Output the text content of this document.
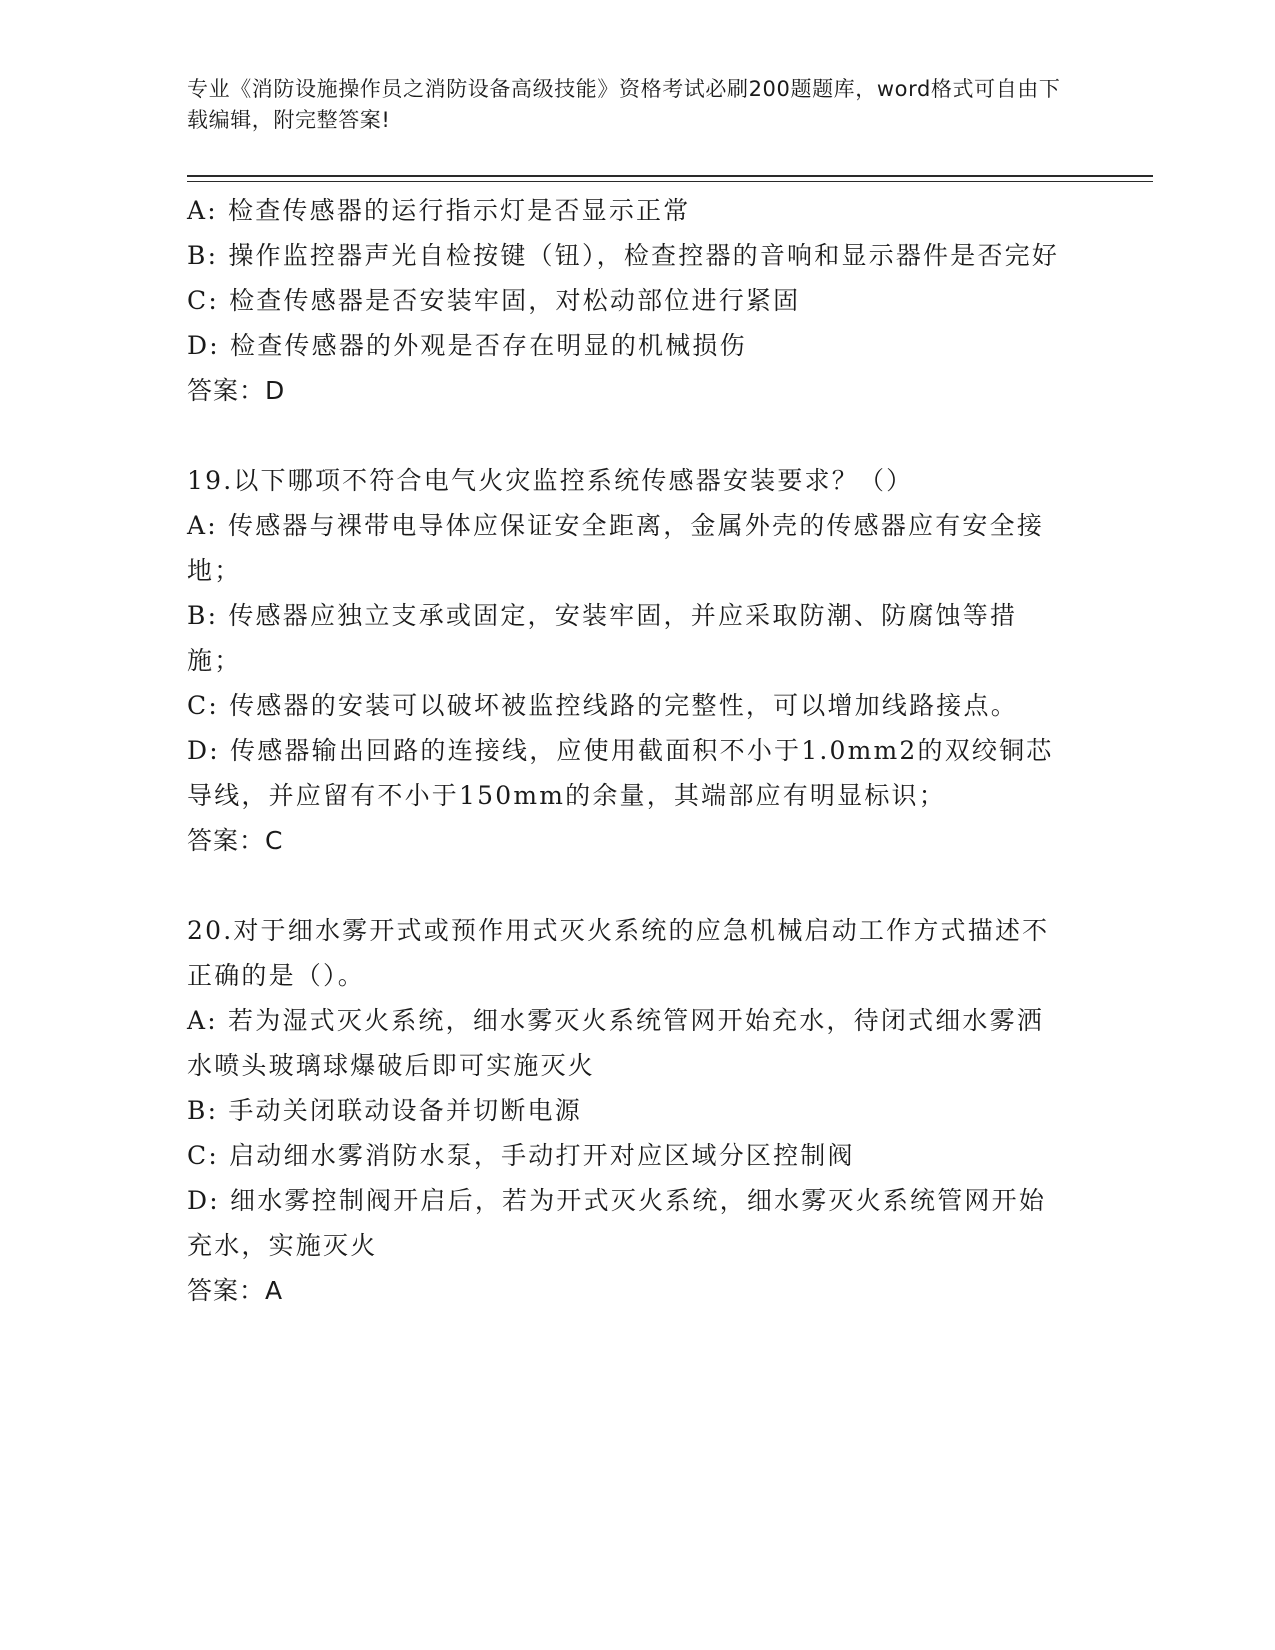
专业《消防设施操作员之消防设备高级技能》资格考试必刷200题题库，word格式可自由下载编辑，附完整答案!
A: 检查传感器的运行指示灯是否显示正常
B: 操作监控器声光自检按键（钮），检查控器的音响和显示器件是否完好
C: 检查传感器是否安装牢固，对松动部位进行紧固
D: 检查传感器的外观是否存在明显的机械损伤
答案：D
19.以下哪项不符合电气火灾监控系统传感器安装要求？（）
A: 传感器与裸带电导体应保证安全距离，金属外壳的传感器应有安全接地；
B: 传感器应独立支承或固定，安装牢固，并应采取防潮、防腐蚀等措施；
C: 传感器的安装可以破坏被监控线路的完整性，可以增加线路接点。
D: 传感器输出回路的连接线，应使用截面积不小于1.0mm2的双绞铜芯导线，并应留有不小于150mm的余量，其端部应有明显标识；
答案：C
20.对于细水雾开式或预作用式灭火系统的应急机械启动工作方式描述不正确的是（）。
A: 若为湿式灭火系统，细水雾灭火系统管网开始充水，待闭式细水雾洒水喷头玻璃球爆破后即可实施灭火
B: 手动关闭联动设备并切断电源
C: 启动细水雾消防水泵，手动打开对应区域分区控制阀
D: 细水雾控制阀开启后，若为开式灭火系统，细水雾灭火系统管网开始充水，实施灭火
答案：A
